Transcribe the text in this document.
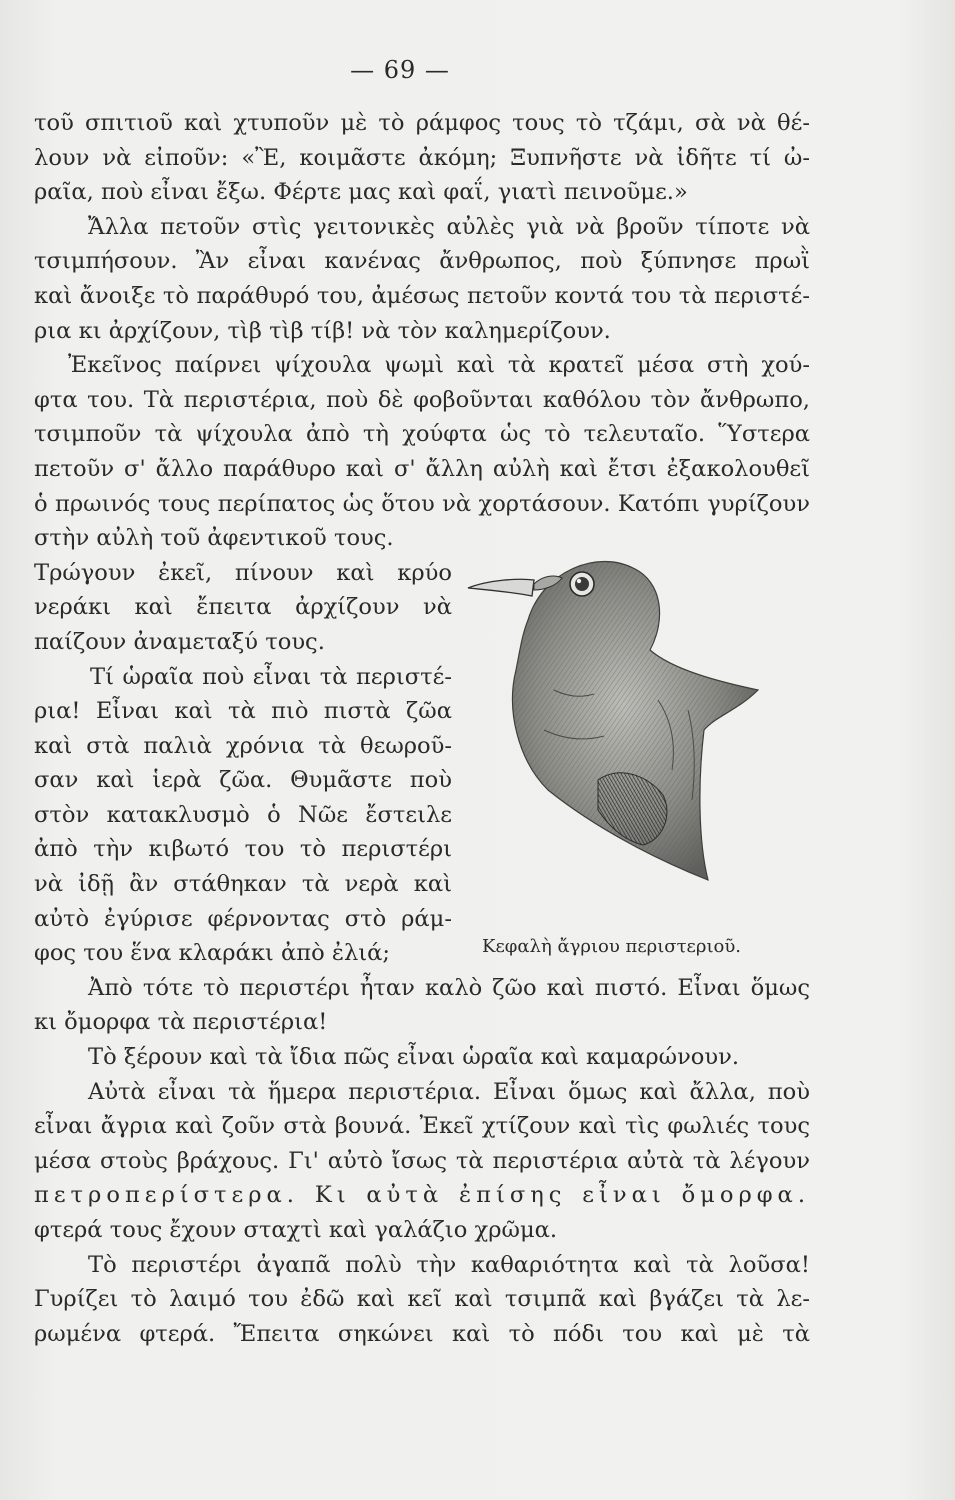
— 69 —
τοῦ σπιτιοῦ καὶ χτυποῦν μὲ τὸ ράμφος τους τὸ τζάμι, σὰ νὰ θέ-
λουν νὰ εἰποῦν: «Ἒ, κοιμᾶστε ἀκόμη; Ξυπνῆστε νὰ ἰδῆτε τί ὠ-
ραῖα, ποὺ εἶναι ἔξω. Φέρτε μας καὶ φαΐ, γιατὶ πεινοῦμε.»
Ἄλλα πετοῦν στὶς γειτονικὲς αὐλὲς γιὰ νὰ βροῦν τίποτε νὰ
τσιμπήσουν. Ἂν εἶναι κανένας ἄνθρωπος, ποὺ ξύπνησε πρωῒ
καὶ ἄνοιξε τὸ παράθυρό του, ἀμέσως πετοῦν κοντά του τὰ περιστέ-
ρια κι ἀρχίζουν, τὶβ τὶβ τίβ! νὰ τὸν καλημερίζουν.
Ἐκεῖνος παίρνει ψίχουλα ψωμὶ καὶ τὰ κρατεῖ μέσα στὴ χού-
φτα του. Τὰ περιστέρια, ποὺ δὲ φοβοῦνται καθόλου τὸν ἄνθρωπο,
τσιμποῦν τὰ ψίχουλα ἀπὸ τὴ χούφτα ὡς τὸ τελευταῖο. Ὕστερα
πετοῦν σ' ἄλλο παράθυρο καὶ σ' ἄλλη αὐλὴ καὶ ἔτσι ἐξακολουθεῖ
ὁ πρωινός τους περίπατος ὡς ὅτου νὰ χορτάσουν. Κατόπι γυρίζουν
στὴν αὐλὴ τοῦ ἀφεντικοῦ τους.
Τρώγουν ἐκεῖ, πίνουν καὶ κρύο
νεράκι καὶ ἔπειτα ἀρχίζουν νὰ
παίζουν ἀναμεταξύ τους.
Τί ὡραῖα ποὺ εἶναι τὰ περιστέ-
ρια! Εἶναι καὶ τὰ πιὸ πιστὰ ζῶα
καὶ στὰ παλιὰ χρόνια τὰ θεωροῦ-
σαν καὶ ἱερὰ ζῶα. Θυμᾶστε ποὺ
στὸν κατακλυσμὸ ὁ Νῶε ἔστειλε
ἀπὸ τὴν κιβωτό του τὸ περιστέρι
νὰ ἰδῇ ἂν στάθηκαν τὰ νερὰ καὶ
αὐτὸ ἐγύρισε φέρνοντας στὸ ράμ-
φος του ἕνα κλαράκι ἀπὸ ἐλιά;
Ἀπὸ τότε τὸ περιστέρι ἦταν καλὸ ζῶο καὶ πιστό. Εἶναι ὅμως
κι ὄμορφα τὰ περιστέρια!
Τὸ ξέρουν καὶ τὰ ἴδια πῶς εἶναι ὡραῖα καὶ καμαρώνουν.
Αὐτὰ εἶναι τὰ ἥμερα περιστέρια. Εἶναι ὅμως καὶ ἄλλα, ποὺ
εἶναι ἄγρια καὶ ζοῦν στὰ βουνά. Ἐκεῖ χτίζουν καὶ τὶς φωλιές τους
μέσα στοὺς βράχους. Γι' αὐτὸ ἴσως τὰ περιστέρια αὐτὰ τὰ λέγουν
πετροπερίστερα. Κι αὐτὰ ἐπίσης εἶναι ὄμορφα.
φτερά τους ἔχουν σταχτὶ καὶ γαλάζιο χρῶμα.
Τὸ περιστέρι ἀγαπᾶ πολὺ τὴν καθαριότητα καὶ τὰ λοῦσα!
Γυρίζει τὸ λαιμό του ἐδῶ καὶ κεῖ καὶ τσιμπᾶ καὶ βγάζει τὰ λε-
ρωμένα φτερά. Ἔπειτα σηκώνει καὶ τὸ πόδι του καὶ μὲ τὰ
Κεφαλὴ ἄγριου περιστεριοῦ.
